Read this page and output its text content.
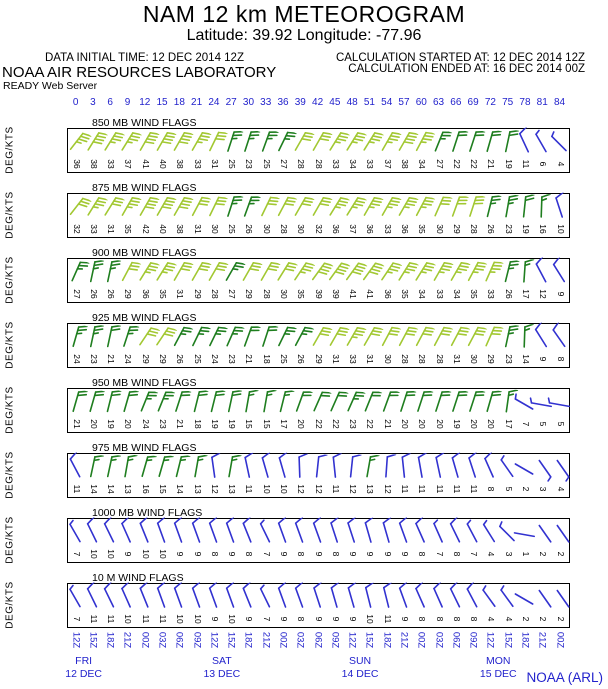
NAM 12 km METEOROGRAM
Latitude: 39.92 Longitude: -77.96
DATA INITIAL TIME: 12 DEC 2014 12Z	CALCULATION STARTED AT: 12 DEC 2014 12Z
CALCULATION ENDED AT: 16 DEC 2014 00Z
NOAA AIR RESOURCES LABORATORY
READY Web Server
0	3	6	9 12 15 18 21 24 27 30 33 36 39 42 45 48 51 54 57 60 63 66 69 72 75 78 81 84
850 MB WIND FLAGS
DEG/KTS	36 38 33 37 41 40 38 33 31 25 23 25 27 28 28 33 34 33 37 38 34 27 22 22 21 19 11 6 4
875 MB WIND FLAGS
DEG/KTS	32 33 31 35 42 40 38 31 30 25 26 30 28 30 32 36 37 36 33 36 35 30 29 28 26 23 19 16 10
900 MB WIND FLAGS
DEG/KTS	27 26 26 29 36 35 31 29 28 27 29 28 30 35 39 39 41 41 36 35 34 33 34 35 33 26 17 12 9
925 MB WIND FLAGS
DEG/KTS	24 23 21 24 29 29 26 25 24 23 21 18 25 26 29 31 33 31 30 28 28 28 31 30 29 23 14 9 8
950 MB WIND FLAGS
DEG/KTS	21 20 19 20 24 23 21 18 19 19 15 15 17 20 22 22 23 22 21 20 20 20 19 20 20 17 7 5 5
975 MB WIND FLAGS
DEG/KTS	11 14 14 13 16 15 14 13 12 13 11 10 10 12 12 11 12 13 12 11 11 11 11 11 8 5 2 3 4
1000 MB WIND FLAGS
DEG/KTS	7 10 10 9 10 10 9 9 8 9 8 7 9 8 9 8 9 9 9 9 8 7 8 7 4 3 1 2 2
10 M WIND FLAGS
DEG/KTS	7 11 11 10 11 11 10 10 9 10 9 7 9 8 9 9 9 10 11 9 8 8 8 8 4 4 2 2 2
12Z 15Z 18Z 21Z 00Z 03Z 06Z 09Z 12Z 15Z 18Z 21Z 00Z 03Z 06Z 09Z 12Z 15Z 18Z 21Z 00Z 03Z 06Z 09Z 12Z 15Z 18Z 21Z 00Z
FRI
12 DEC
SAT
13 DEC
SUN
14 DEC
MON
15 DEC NOAA (ARL)
